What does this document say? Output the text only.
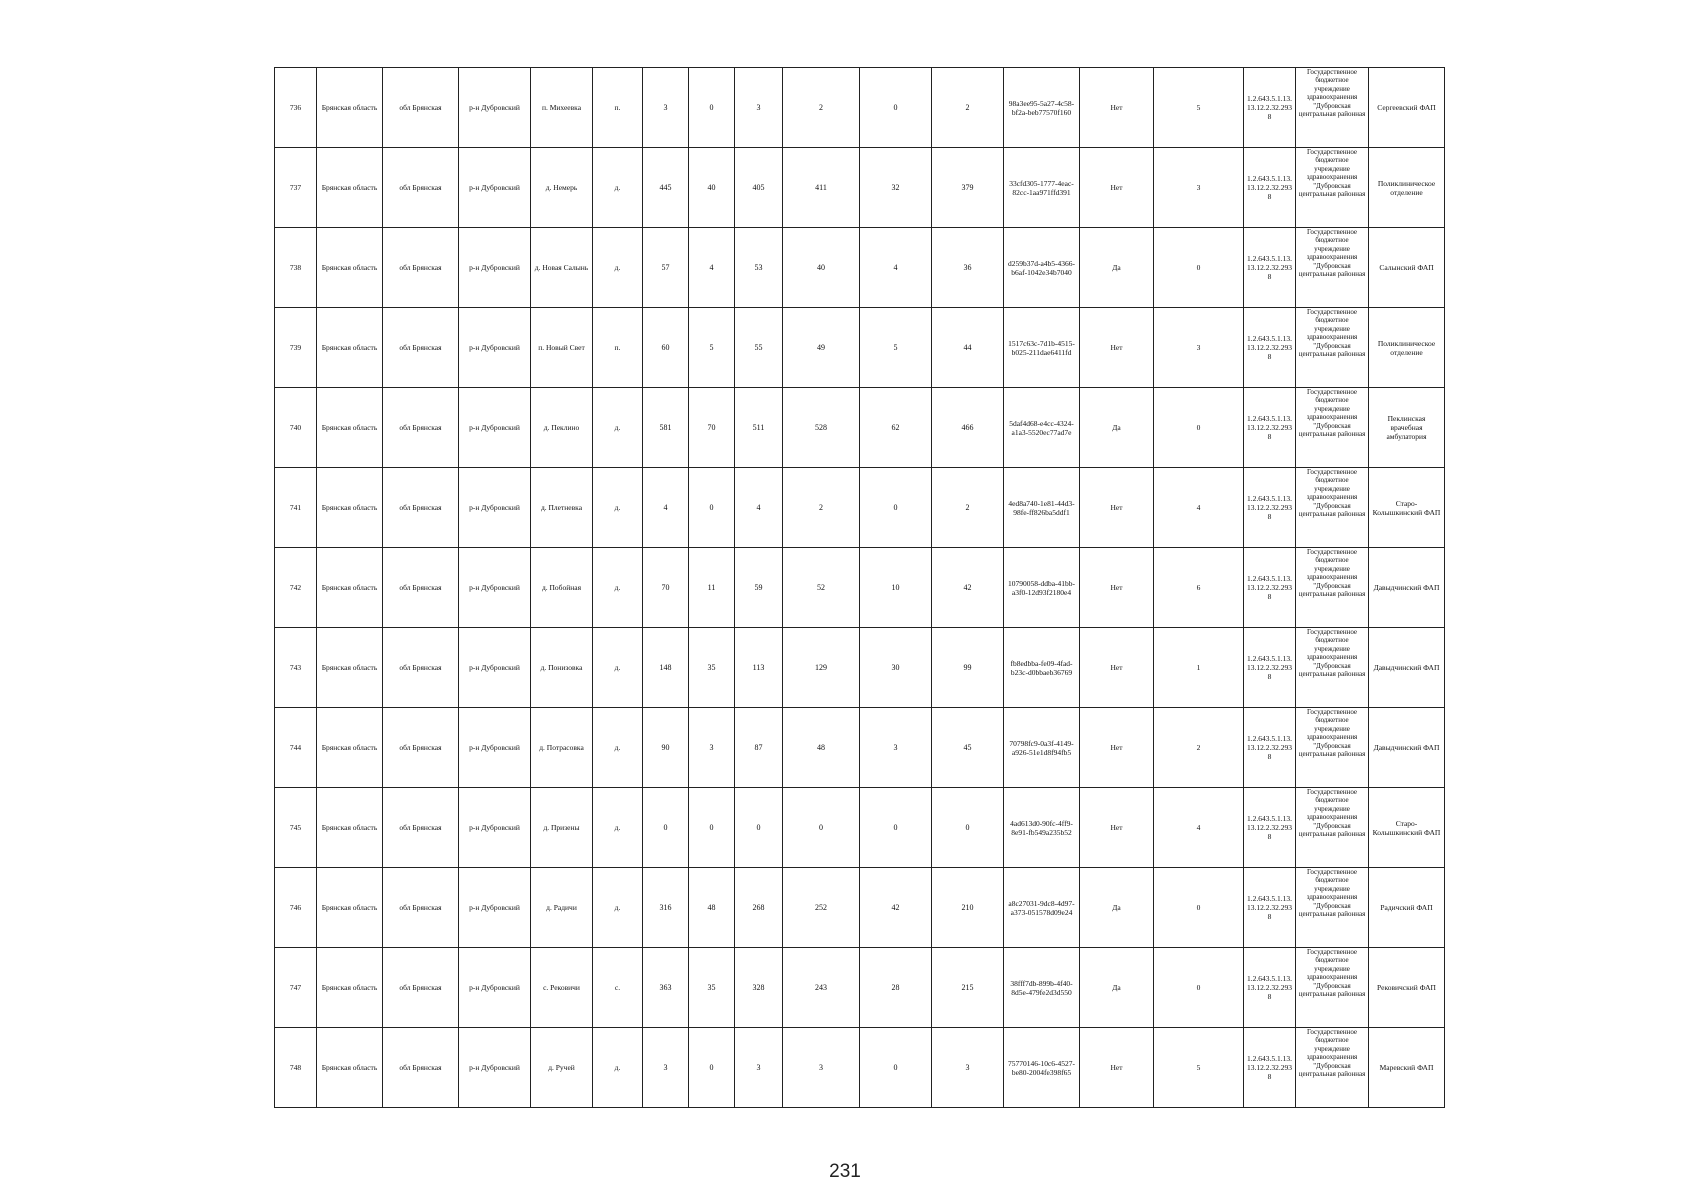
736	Брянская область	обл Брянская	р-н Дубровский	п. Михеевка	п.	3	0	3	2	0	2	98a3ee95-5a27-4c58-bf2a-beb77570f160	Нет	5	1.2.643.5.1.13.13.12.2.32.2938	Государственное бюджетное учреждение здравоохранения "Дубровская центральная районная	Сергеевский ФАП
737	Брянская область	обл Брянская	р-н Дубровский	д. Немерь	д.	445	40	405	411	32	379	33cfd305-1777-4eac-82cc-1aa971ffd391	Нет	3	1.2.643.5.1.13.13.12.2.32.2938	Государственное бюджетное учреждение здравоохранения "Дубровская центральная районная	Поликлиническое отделение
738	Брянская область	обл Брянская	р-н Дубровский	д. Новая Салынь	д.	57	4	53	40	4	36	d259b37d-a4b5-4366-b6af-1042e34b7040	Да	0	1.2.643.5.1.13.13.12.2.32.2938	Государственное бюджетное учреждение здравоохранения "Дубровская центральная районная	Салынский ФАП
739	Брянская область	обл Брянская	р-н Дубровский	п. Новый Свет	п.	60	5	55	49	5	44	1517c63c-7d1b-4515-b025-211dae6411fd	Нет	3	1.2.643.5.1.13.13.12.2.32.2938	Государственное бюджетное учреждение здравоохранения "Дубровская центральная районная	Поликлиническое отделение
740	Брянская область	обл Брянская	р-н Дубровский	д. Пеклино	д.	581	70	511	528	62	466	5daf4d68-e4cc-4324-a1a3-5520ec77ad7e	Да	0	1.2.643.5.1.13.13.12.2.32.2938	Государственное бюджетное учреждение здравоохранения "Дубровская центральная районная	Пеклинская врачебная амбулатория
741	Брянская область	обл Брянская	р-н Дубровский	д. Плетневка	д.	4	0	4	2	0	2	4ed8a740-1e81-44d3-98fe-ff826ba5ddf1	Нет	4	1.2.643.5.1.13.13.12.2.32.2938	Государственное бюджетное учреждение здравоохранения "Дубровская центральная районная	Старо-Колышкинский ФАП
742	Брянская область	обл Брянская	р-н Дубровский	д. Побойная	д.	70	11	59	52	10	42	10790058-ddba-41bb-a3f0-12d93f2180e4	Нет	6	1.2.643.5.1.13.13.12.2.32.2938	Государственное бюджетное учреждение здравоохранения "Дубровская центральная районная	Давыдчинский ФАП
743	Брянская область	обл Брянская	р-н Дубровский	д. Понизовка	д.	148	35	113	129	30	99	fb8edbba-fe09-4fad-b23c-d0bbaeb36769	Нет	1	1.2.643.5.1.13.13.12.2.32.2938	Государственное бюджетное учреждение здравоохранения "Дубровская центральная районная	Давыдчинский ФАП
744	Брянская область	обл Брянская	р-н Дубровский	д. Потрасовка	д.	90	3	87	48	3	45	70798fc9-0a3f-4149-a926-51e1d8f94fb5	Нет	2	1.2.643.5.1.13.13.12.2.32.2938	Государственное бюджетное учреждение здравоохранения "Дубровская центральная районная	Давыдчинский ФАП
745	Брянская область	обл Брянская	р-н Дубровский	д. Призены	д.	0	0	0	0	0	0	4ad613d0-90fc-4ff9-8e91-fb549a235b52	Нет	4	1.2.643.5.1.13.13.12.2.32.2938	Государственное бюджетное учреждение здравоохранения "Дубровская центральная районная	Старо-Колышкинский ФАП
746	Брянская область	обл Брянская	р-н Дубровский	д. Радичи	д.	316	48	268	252	42	210	a8c27031-9dc8-4d97-a373-051578d09e24	Да	0	1.2.643.5.1.13.13.12.2.32.2938	Государственное бюджетное учреждение здравоохранения "Дубровская центральная районная	Радичский ФАП
747	Брянская область	обл Брянская	р-н Дубровский	с. Рековичи	с.	363	35	328	243	28	215	38fff7db-899b-4f40-8d5e-479fe2d3d550	Да	0	1.2.643.5.1.13.13.12.2.32.2938	Государственное бюджетное учреждение здравоохранения "Дубровская центральная районная	Рековичский ФАП
748	Брянская область	обл Брянская	р-н Дубровский	д. Ручей	д.	3	0	3	3	0	3	75770146-10c6-4527-be80-2004fe398f65	Нет	5	1.2.643.5.1.13.13.12.2.32.2938	Государственное бюджетное учреждение здравоохранения "Дубровская центральная районная	Маревский ФАП
231
